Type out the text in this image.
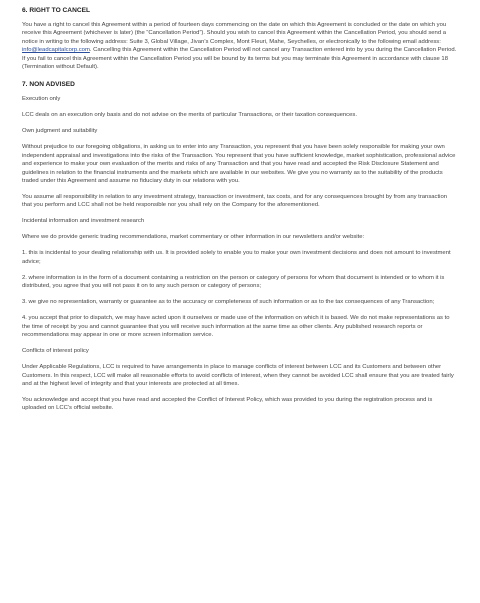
6. RIGHT TO CANCEL

You have a right to cancel this Agreement within a period of fourteen days commencing on the date on which this Agreement is concluded or the date on which you receive this Agreement (whichever is later) (the “Cancellation Period”). Should you wish to cancel this Agreement within the Cancellation Period, you should send a notice in writing to the following address: Suite 3, Global Village, Jivan’s Complex, Mont Fleuri, Mahe, Seychelles, or electronically to the following email address: info@leadcapitalcorp.com. Cancelling this Agreement within the Cancellation Period will not cancel any Transaction entered into by you during the Cancellation Period. If you fail to cancel this Agreement within the Cancellation Period you will be bound by its terms but you may terminate this Agreement in accordance with clause 18 (Termination without Default).

7. NON ADVISED

Execution only

LCC deals on an execution only basis and do not advise on the merits of particular Transactions, or their taxation consequences.

Own judgment and suitability

Without prejudice to our foregoing obligations, in asking us to enter into any Transaction, you represent that you have been solely responsible for making your own independent appraisal and investigations into the risks of the Transaction. You represent that you have sufficient knowledge, market sophistication, professional advice and experience to make your own evaluation of the merits and risks of any Transaction and that you have read and accepted the Risk Disclosure Statement and guidelines in relation to the financial instruments and the markets which are available in our websites. We give you no warranty as to the suitability of the products traded under this Agreement and assume no fiduciary duty in our relations with you.

You assume all responsibility in relation to any investment strategy, transaction or investment, tax costs, and for any consequences brought by from any transaction that you perform and LCC shall not be held responsible nor you shall rely on the Company for the aforementioned.

Incidental information and investment research

Where we do provide generic trading recommendations, market commentary or other information in our newsletters and/or website:

1. this is incidental to your dealing relationship with us. It is provided solely to enable you to make your own investment decisions and does not amount to investment advice;

2. where information is in the form of a document containing a restriction on the person or category of persons for whom that document is intended or to whom it is distributed, you agree that you will not pass it on to any such person or category of persons;

3. we give no representation, warranty or guarantee as to the accuracy or completeness of such information or as to the tax consequences of any Transaction;

4. you accept that prior to dispatch, we may have acted upon it ourselves or made use of the information on which it is based. We do not make representations as to the time of receipt by you and cannot guarantee that you will receive such information at the same time as other clients. Any published research reports or recommendations may appear in one or more screen information service.

Conflicts of interest policy

Under Applicable Regulations, LCC is required to have arrangements in place to manage conflicts of interest between LCC and its Customers and between other Customers. In this respect, LCC will make all reasonable efforts to avoid conflicts of interest, when they cannot be avoided LCC shall ensure that you are treated fairly and at the highest level of integrity and that your interests are protected at all times.

You acknowledge and accept that you have read and accepted the Conflict of Interest Policy, which was provided to you during the registration process and is uploaded on LCC’s official website.
